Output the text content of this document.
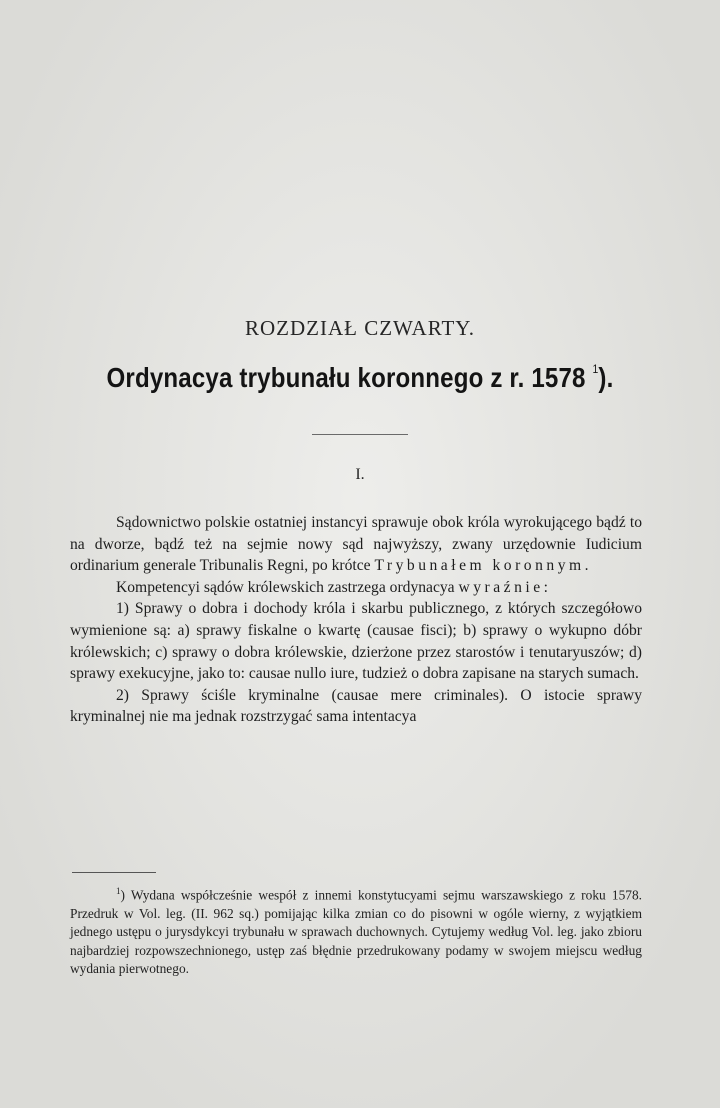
ROZDZIAŁ CZWARTY.
Ordynacya trybunału koronnego z r. 1578 $^1$).
I.

Sądownictwo polskie ostatniej instancyi sprawuje obok króla wyrokującego bądź to na dworze, bądź też na sejmie nowy sąd najwyższy, zwany urzędownie Iudicium ordinarium generale Tribunalis Regni, po krótce Trybunałem koronnym.

Kompetencyi sądów królewskich zastrzega ordynacya wyraźnie:

1) Sprawy o dobra i dochody króla i skarbu publicznego, z których szczegółowo wymienione są: a) sprawy fiskalne o kwartę (causae fisci); b) sprawy o wykupno dóbr królewskich; c) sprawy o dobra królewskie, dzierżone przez starostów i tenutaryuszów; d) sprawy exekucyjne, jako to: causae nullo iure, tudzież o dobra zapisane na starych sumach.

2) Sprawy ściśle kryminalne (causae mere criminales). O istocie sprawy kryminalnej nie ma jednak rozstrzygać sama intentacya

$^1$) Wydana współcześnie wespół z innemi konstytucyami sejmu warszawskiego z roku 1578. Przedruk w Vol. leg. (II. 962 sq.) pomijając kilka zmian co do pisowni w ogóle wierny, z wyjątkiem jednego ustępu o jurysdykcyi trybunału w sprawach duchownych. Cytujemy według Vol. leg. jako zbioru najbardziej rozpowszechnionego, ustęp zaś błędnie przedrukowany podamy w swojem miejscu według wydania pierwotnego.
